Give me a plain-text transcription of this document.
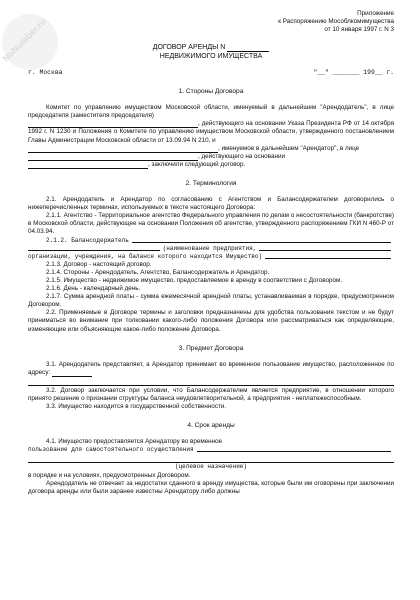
NoNumber.ru
Приложение
к Распоряжению Мособлкомимущества
от 10 января 1997 г. N 3
ДОГОВОР АРЕНДЫ N
НЕДВИЖИМОГО ИМУЩЕСТВА
г. Москва	"__" _______ 199__ г.
1. Стороны Договора

Комитет по управлению имуществом Московской области, именуемый в дальнейшем "Арендодатель", в лице председателя (заместителя председателя)

, действующего на основании Указа Президента РФ от 14 октября 1992 г. N 1230 и Положения о Комитете по управлению имуществом Московской области, утвержденного постановлением Главы Администрации Московской области от 13.09.94 N 210, и

, именуемое в дальнейшем "Арендатор", в лице

, действующего на основании

, заключили следующий договор.

2. Терминология

2.1. Арендодатель и Арендатор по согласованию с Агентством и Балансодержателем договорились о нижеперечисленных терминах, используемых в тексте настоящего Договора:

2.1.1. Агентство - Территориальное агентство Федерального управления по делам о несостоятельности (банкротстве) в Московской области, действующее на основании Положения об агентстве, утвержденного распоряжением ГКИ N 460-Р от 04.03.94.

2.1.2. Балансодержатель
(наименование предприятия,
организации, учреждения, на балансе которого находится Имущество)

2.1.3. Договор - настоящий договор.

2.1.4. Стороны - Арендодатель, Агентство, Балансодержатель и Арендатор.

2.1.5. Имущество - недвижимое имущество, предоставляемое в аренду в соответствии с Договором.

2.1.6. День - календарный день.

2.1.7. Сумма арендной платы - сумма ежемесячной арендной платы, устанавливаемая в порядке, предусмотренном Договором.

2.2. Применяемые в Договоре термины и заголовки предназначены для удобства пользования текстом и не будут приниматься во внимание при толковании какого-либо положения Договора или рассматриваться как определяющие, изменяющие или объясняющие какое-либо положение Договора.

3. Предмет Договора

3.1. Арендодатель представляет, а Арендатор принимает во временное пользование имущество, расположенное по адресу:

3.2. Договор заключается при условии, что Балансодержателем является предприятие, в отношении которого принято решение о признании структуры баланса неудовлетворительной, а предприятия - неплатежеспособным.

3.3. Имущество находится в государственной собственности.

4. Срок аренды

4.1. Имущество предоставляется Арендатору во временное

пользование для самостоятельного осуществления
(целевое назначение)

в порядке и на условиях, предусмотренных Договором.

Арендодатель не отвечает за недостатки сданного в аренду имущества, которые были им оговорены при заключении договора аренды или были заранее известны Арендатору либо должны
